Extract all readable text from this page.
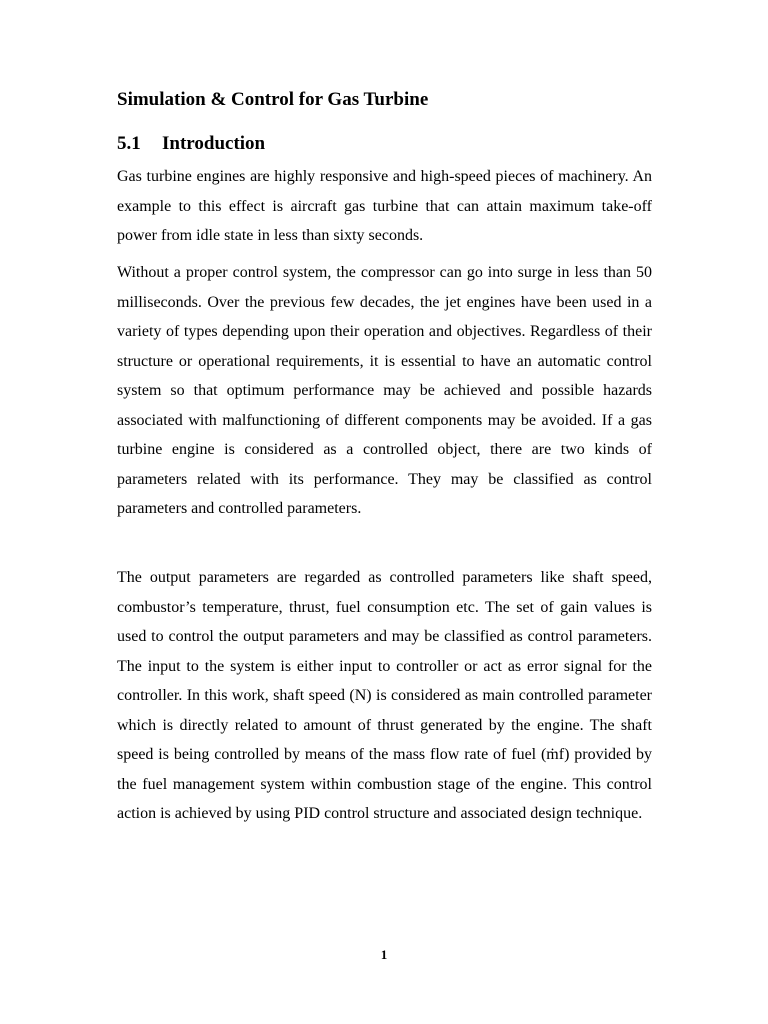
Simulation & Control for Gas Turbine
5.1 Introduction

Gas turbine engines are highly responsive and high-speed pieces of machinery. An example to this effect is aircraft gas turbine that can attain maximum take-off power from idle state in less than sixty seconds.

Without a proper control system, the compressor can go into surge in less than 50 milliseconds. Over the previous few decades, the jet engines have been used in a variety of types depending upon their operation and objectives. Regardless of their structure or operational requirements, it is essential to have an automatic control system so that optimum performance may be achieved and possible hazards associated with malfunctioning of different components may be avoided. If a gas turbine engine is considered as a controlled object, there are two kinds of parameters related with its performance. They may be classified as control parameters and controlled parameters.

The output parameters are regarded as controlled parameters like shaft speed, combustor’s temperature, thrust, fuel consumption etc. The set of gain values is used to control the output parameters and may be classified as control parameters. The input to the system is either input to controller or act as error signal for the controller. In this work, shaft speed (N) is considered as main controlled parameter which is directly related to amount of thrust generated by the engine. The shaft speed is being controlled by means of the mass flow rate of fuel (ṁf) provided by the fuel management system within combustion stage of the engine. This control action is achieved by using PID control structure and associated design technique.

1
